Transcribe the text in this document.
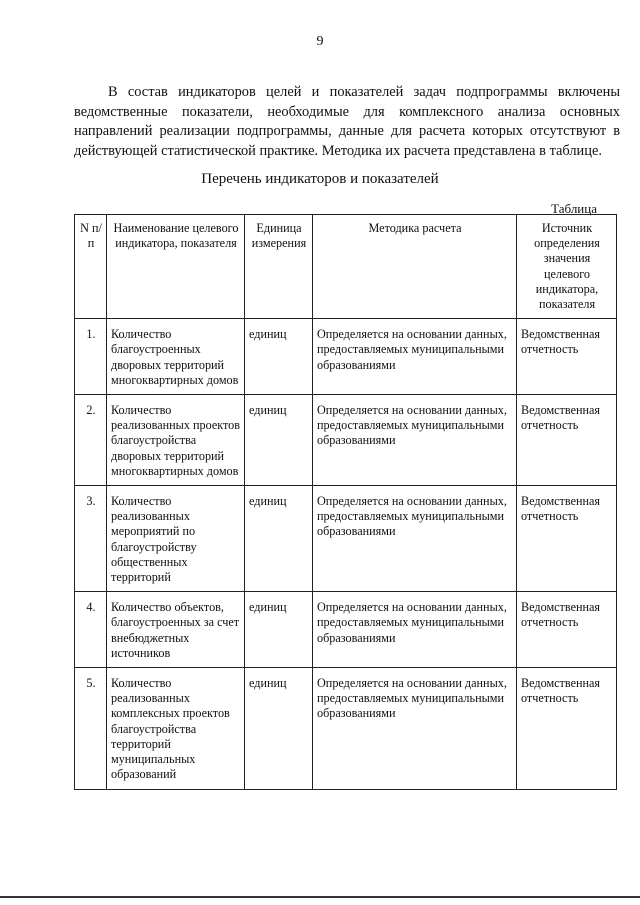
9

В состав индикаторов целей и показателей задач подпрограммы включены ведомственные показатели, необходимые для комплексного анализа основных направлений реализации подпрограммы, данные для расчета которых отсутствуют в действующей статистической практике. Методика их расчета представлена в таблице.

Перечень индикаторов и показателей
Таблица
N п/п	Наименование целевого индикатора, показателя	Единица измерения	Методика расчета	Источник определения значения целевого индикатора, показателя
1.	Количество благоустроенных дворовых территорий многоквартирных домов	единиц	Определяется на основании данных, предоставляемых муниципальными образованиями	Ведомственная отчетность
2.	Количество реализованных проектов благоустройства дворовых территорий многоквартирных домов	единиц	Определяется на основании данных, предоставляемых муниципальными образованиями	Ведомственная отчетность
3.	Количество реализованных мероприятий по благоустройству общественных территорий	единиц	Определяется на основании данных, предоставляемых муниципальными образованиями	Ведомственная отчетность
4.	Количество объектов, благоустроенных за счет внебюджетных источников	единиц	Определяется на основании данных, предоставляемых муниципальными образованиями	Ведомственная отчетность
5.	Количество реализованных комплексных проектов благоустройства территорий муниципальных образований	единиц	Определяется на основании данных, предоставляемых муниципальными образованиями	Ведомственная отчетность
